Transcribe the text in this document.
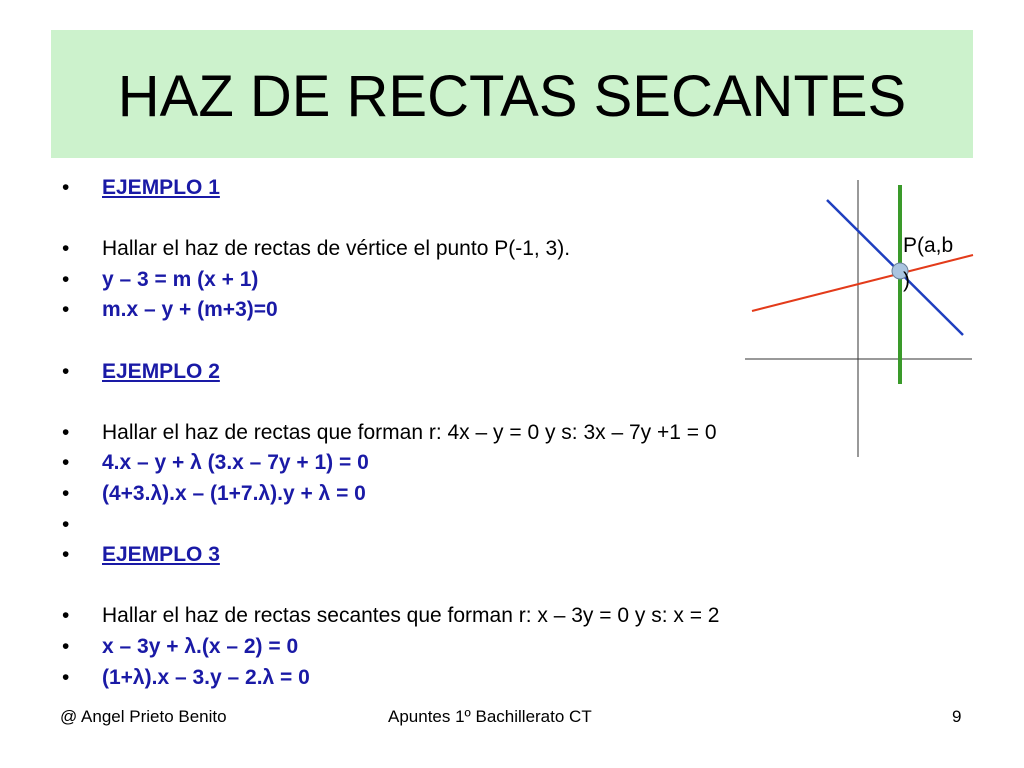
HAZ DE RECTAS SECANTES
• EJEMPLO 1
• Hallar el haz de rectas de vértice el punto P(-1, 3).
• y – 3 = m (x + 1)
• m.x – y + (m+3)=0
• EJEMPLO 2
• Hallar el haz de rectas que forman r: 4x – y = 0 y s: 3x – 7y +1 = 0
• 4.x – y + λ (3.x – 7y + 1) = 0
• (4+3.λ).x – (1+7.λ).y + λ = 0
•
• EJEMPLO 3
• Hallar el haz de rectas secantes que forman r: x – 3y = 0 y s: x = 2
• x – 3y + λ.(x – 2) = 0
• (1+λ).x – 3.y – 2.λ = 0
P(a,b
)
@ Angel Prieto Benito	Apuntes 1º Bachillerato CT	9
